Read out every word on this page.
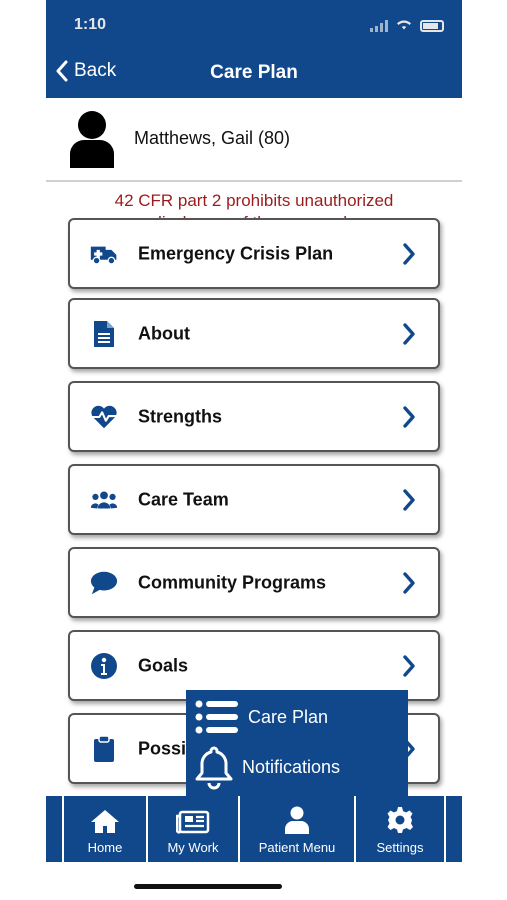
1:10
Back	Care Plan
Matthews, Gail (80)
42 CFR part 2 prohibits unauthorized
Emergency Crisis Plan
About
Strengths
Care Team
Community Programs
Goals
Possi
Care Plan
Notifications
Home	My Work	Patient Menu	Settings
